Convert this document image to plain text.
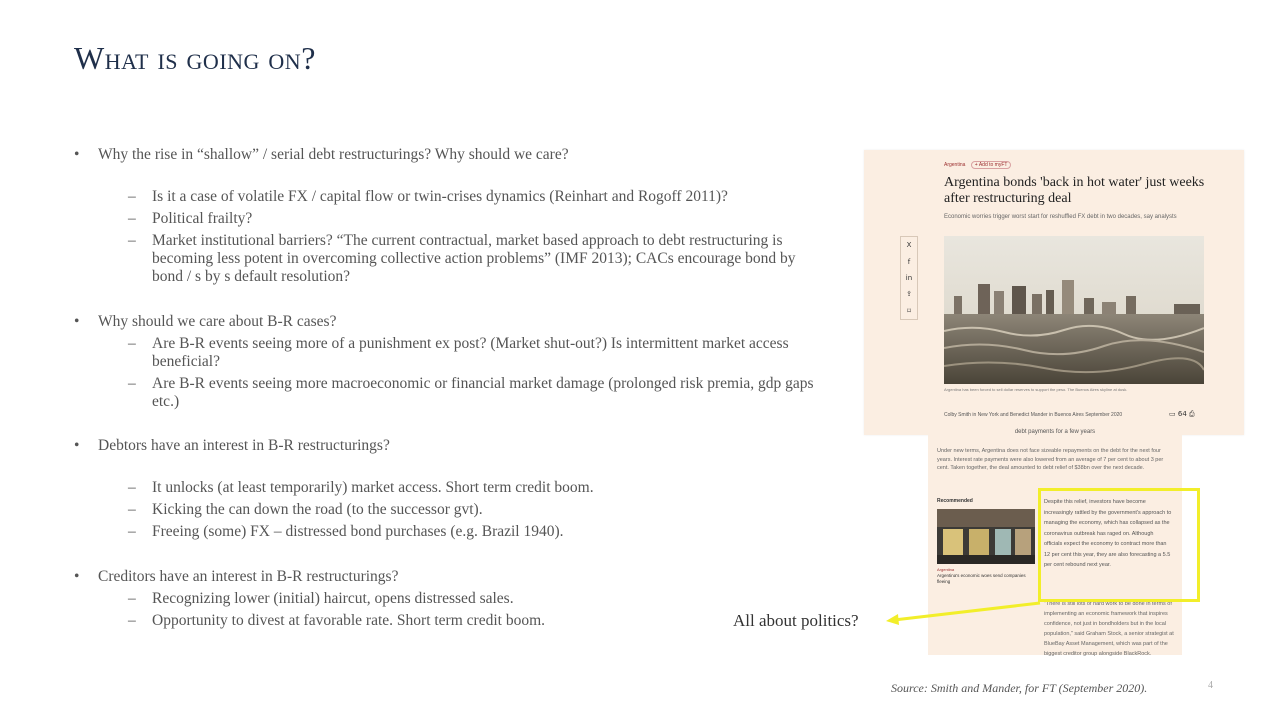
What is going on?
• Why the rise in “shallow” / serial debt restructurings? Why should we care?
– Is it a case of volatile FX / capital flow or twin-crises dynamics (Reinhart and Rogoff 2011)?
– Political frailty?
– Market institutional barriers? “The current contractual, market based approach to debt restructuring is becoming less potent in overcoming collective action problems” (IMF 2013); CACs encourage bond by bond / s by s default resolution?
• Why should we care about B-R cases?
– Are B-R events seeing more of a punishment ex post? (Market shut-out?) Is intermittent market access beneficial?
– Are B-R events seeing more macroeconomic or financial market damage (prolonged risk premia, gdp gaps etc.)
• Debtors have an interest in B-R restructurings?
– It unlocks (at least temporarily) market access. Short term credit boom.
– Kicking the can down the road (to the successor gvt).
– Freeing (some) FX – distressed bond purchases (e.g. Brazil 1940).
• Creditors have an interest in B-R restructurings?
– Recognizing lower (initial) haircut, opens distressed sales.
– Opportunity to divest at favorable rate. Short term credit boom.
Argentina + Add to myFT
Argentina bonds 'back in hot water' just weeks after restructuring deal
Economic worries trigger worst start for reshuffled FX debt in two decades, say analysts
X
f
in
⇪
⌑
Argentina has been forced to sell dollar reserves to support the peso. The Buenos Aires skyline at dusk.
Colby Smith in New York and Benedict Mander in Buenos Aires September 2020	▭ 64 ⎙
debt payments for a few years
Under new terms, Argentina does not face sizeable repayments on the debt for the next four years. Interest rate payments were also lowered from an average of 7 per cent to about 3 per cent. Taken together, the deal amounted to debt relief of $38bn over the next decade.
Recommended
Argentina
Argentina's economic woes send companies fleeing
Despite this relief, investors have become increasingly rattled by the government's approach to managing the economy, which has collapsed as the coronavirus outbreak has raged on. Although officials expect the economy to contract more than 12 per cent this year, they are also forecasting a 5.5 per cent rebound next year.
"There is still lots of hard work to be done in terms of implementing an economic framework that inspires confidence, not just in bondholders but in the local population," said Graham Stock, a senior strategist at BlueBay Asset Management, which was part of the biggest creditor group alongside BlackRock.
All about politics?
Source: Smith and Mander, for FT (September 2020).	4
